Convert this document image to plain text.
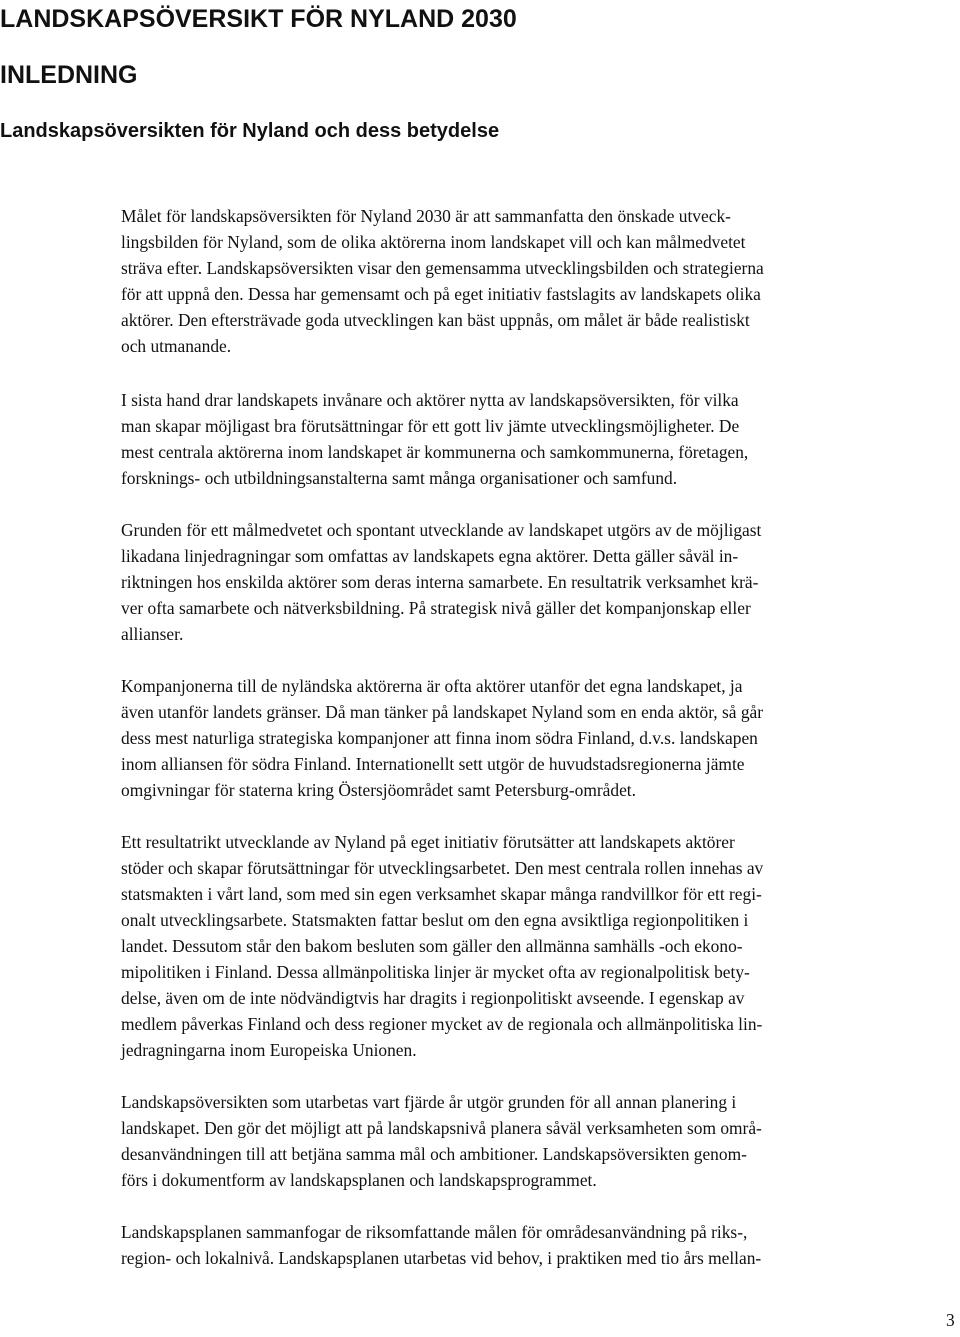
LANDSKAPSÖVERSIKT FÖR NYLAND 2030
INLEDNING
Landskapsöversikten för Nyland och dess betydelse
Målet för landskapsöversikten för Nyland 2030 är att sammanfatta den önskade utveck-
lingsbilden för Nyland, som de olika aktörerna inom landskapet vill och kan målmedvetet
sträva efter. Landskapsöversikten visar den gemensamma utvecklingsbilden och strategierna
för att uppnå den. Dessa har gemensamt och på eget initiativ fastslagits av landskapets olika
aktörer. Den eftersträvade goda utvecklingen kan bäst uppnås, om målet är både realistiskt
och utmanande.
I sista hand drar landskapets invånare och aktörer nytta av landskapsöversikten, för vilka
man skapar möjligast bra förutsättningar för ett gott liv jämte utvecklingsmöjligheter. De
mest centrala aktörerna inom landskapet är kommunerna och samkommunerna, företagen,
forsknings- och utbildningsanstalterna samt många organisationer och samfund.
Grunden för ett målmedvetet och spontant utvecklande av landskapet utgörs av de möjligast
likadana linjedragningar som omfattas av landskapets egna aktörer. Detta gäller såväl in-
riktningen hos enskilda aktörer som deras interna samarbete. En resultatrik verksamhet krä-
ver ofta samarbete och nätverksbildning. På strategisk nivå gäller det kompanjonskap eller
allianser.
Kompanjonerna till de nyländska aktörerna är ofta aktörer utanför det egna landskapet, ja
även utanför landets gränser. Då man tänker på landskapet Nyland som en enda aktör, så går
dess mest naturliga strategiska kompanjoner att finna inom södra Finland, d.v.s. landskapen
inom alliansen för södra Finland. Internationellt sett utgör de huvudstadsregionerna jämte
omgivningar för staterna kring Östersjöområdet samt Petersburg-området.
Ett resultatrikt utvecklande av Nyland på eget initiativ förutsätter att landskapets aktörer
stöder och skapar förutsättningar för utvecklingsarbetet. Den mest centrala rollen innehas av
statsmakten i vårt land, som med sin egen verksamhet skapar många randvillkor för ett regi-
onalt utvecklingsarbete. Statsmakten fattar beslut om den egna avsiktliga regionpolitiken i
landet. Dessutom står den bakom besluten som gäller den allmänna samhälls -och ekono-
mipolitiken i Finland. Dessa allmänpolitiska linjer är mycket ofta av regionalpolitisk bety-
delse, även om de inte nödvändigtvis har dragits i regionpolitiskt avseende. I egenskap av
medlem påverkas Finland och dess regioner mycket av de regionala och allmänpolitiska lin-
jedragningarna inom Europeiska Unionen.
Landskapsöversikten som utarbetas vart fjärde år utgör grunden för all annan planering i
landskapet. Den gör det möjligt att på landskapsnivå planera såväl verksamheten som områ-
desanvändningen till att betjäna samma mål och ambitioner. Landskapsöversikten genom-
förs i dokumentform av landskapsplanen och landskapsprogrammet.
Landskapsplanen sammanfogar de riksomfattande målen för områdesanvändning på riks-,
region- och lokalnivå. Landskapsplanen utarbetas vid behov, i praktiken med tio års mellan-
3
